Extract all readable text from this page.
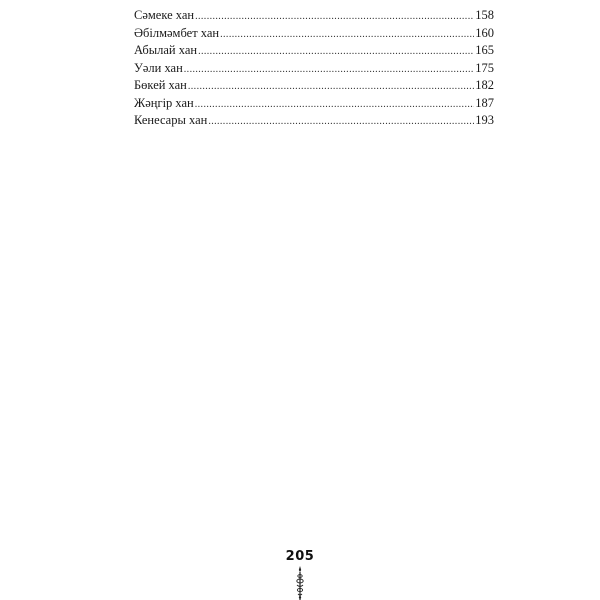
Сәмеке хан .....	158
Әбілмәмбет хан .....	160
Абылай хан .....	165
Уәли хан .....	175
Бөкей хан .....	182
Жәңгір хан .....	187
Кенесары хан .....	193
205
